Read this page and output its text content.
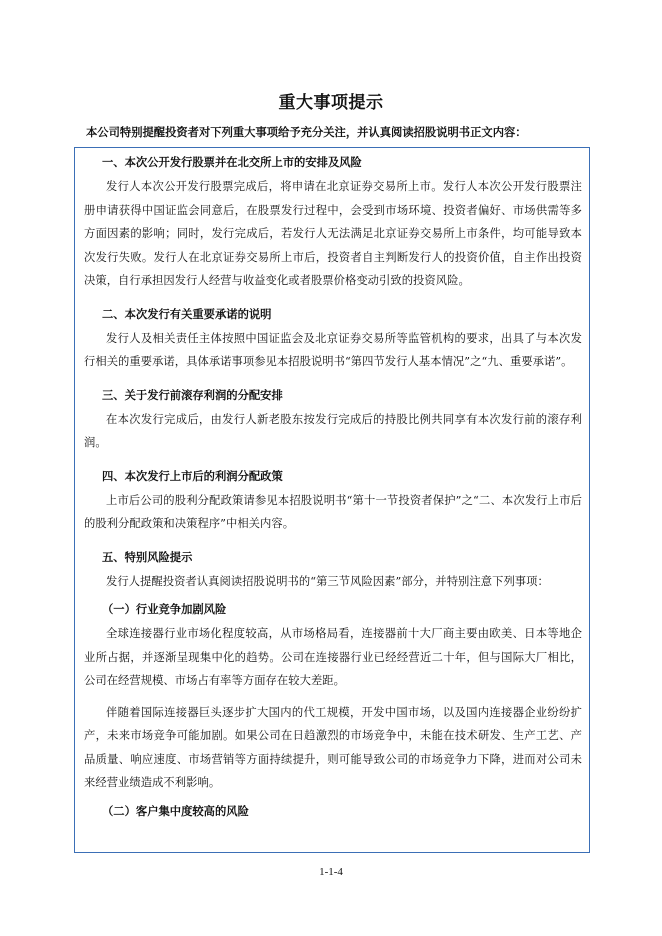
重大事项提示
本公司特别提醒投资者对下列重大事项给予充分关注，并认真阅读招股说明书正文内容：
一、本次公开发行股票并在北交所上市的安排及风险
发行人本次公开发行股票完成后，将申请在北京证券交易所上市。发行人本次公开发行股票注册申请获得中国证监会同意后，在股票发行过程中，会受到市场环境、投资者偏好、市场供需等多方面因素的影响；同时，发行完成后，若发行人无法满足北京证券交易所上市条件，均可能导致本次发行失败。发行人在北京证券交易所上市后，投资者自主判断发行人的投资价值，自主作出投资决策，自行承担因发行人经营与收益变化或者股票价格变动引致的投资风险。
二、本次发行有关重要承诺的说明
发行人及相关责任主体按照中国证监会及北京证券交易所等监管机构的要求，出具了与本次发行相关的重要承诺，具体承诺事项参见本招股说明书“第四节发行人基本情况”之“九、重要承诺”。
三、关于发行前滚存利润的分配安排
在本次发行完成后，由发行人新老股东按发行完成后的持股比例共同享有本次发行前的滚存利润。
四、本次发行上市后的利润分配政策
上市后公司的股利分配政策请参见本招股说明书“第十一节投资者保护”之“二、本次发行上市后的股利分配政策和决策程序”中相关内容。
五、特别风险提示
发行人提醒投资者认真阅读招股说明书的“第三节风险因素”部分，并特别注意下列事项：
（一）行业竞争加剧风险
全球连接器行业市场化程度较高，从市场格局看，连接器前十大厂商主要由欧美、日本等地企业所占据，并逐渐呈现集中化的趋势。公司在连接器行业已经经营近二十年，但与国际大厂相比，公司在经营规模、市场占有率等方面存在较大差距。
伴随着国际连接器巨头逐步扩大国内的代工规模，开发中国市场，以及国内连接器企业纷纷扩产，未来市场竞争可能加剧。如果公司在日趋激烈的市场竞争中，未能在技术研发、生产工艺、产品质量、响应速度、市场营销等方面持续提升，则可能导致公司的市场竞争力下降，进而对公司未来经营业绩造成不利影响。
（二）客户集中度较高的风险
1-1-4
